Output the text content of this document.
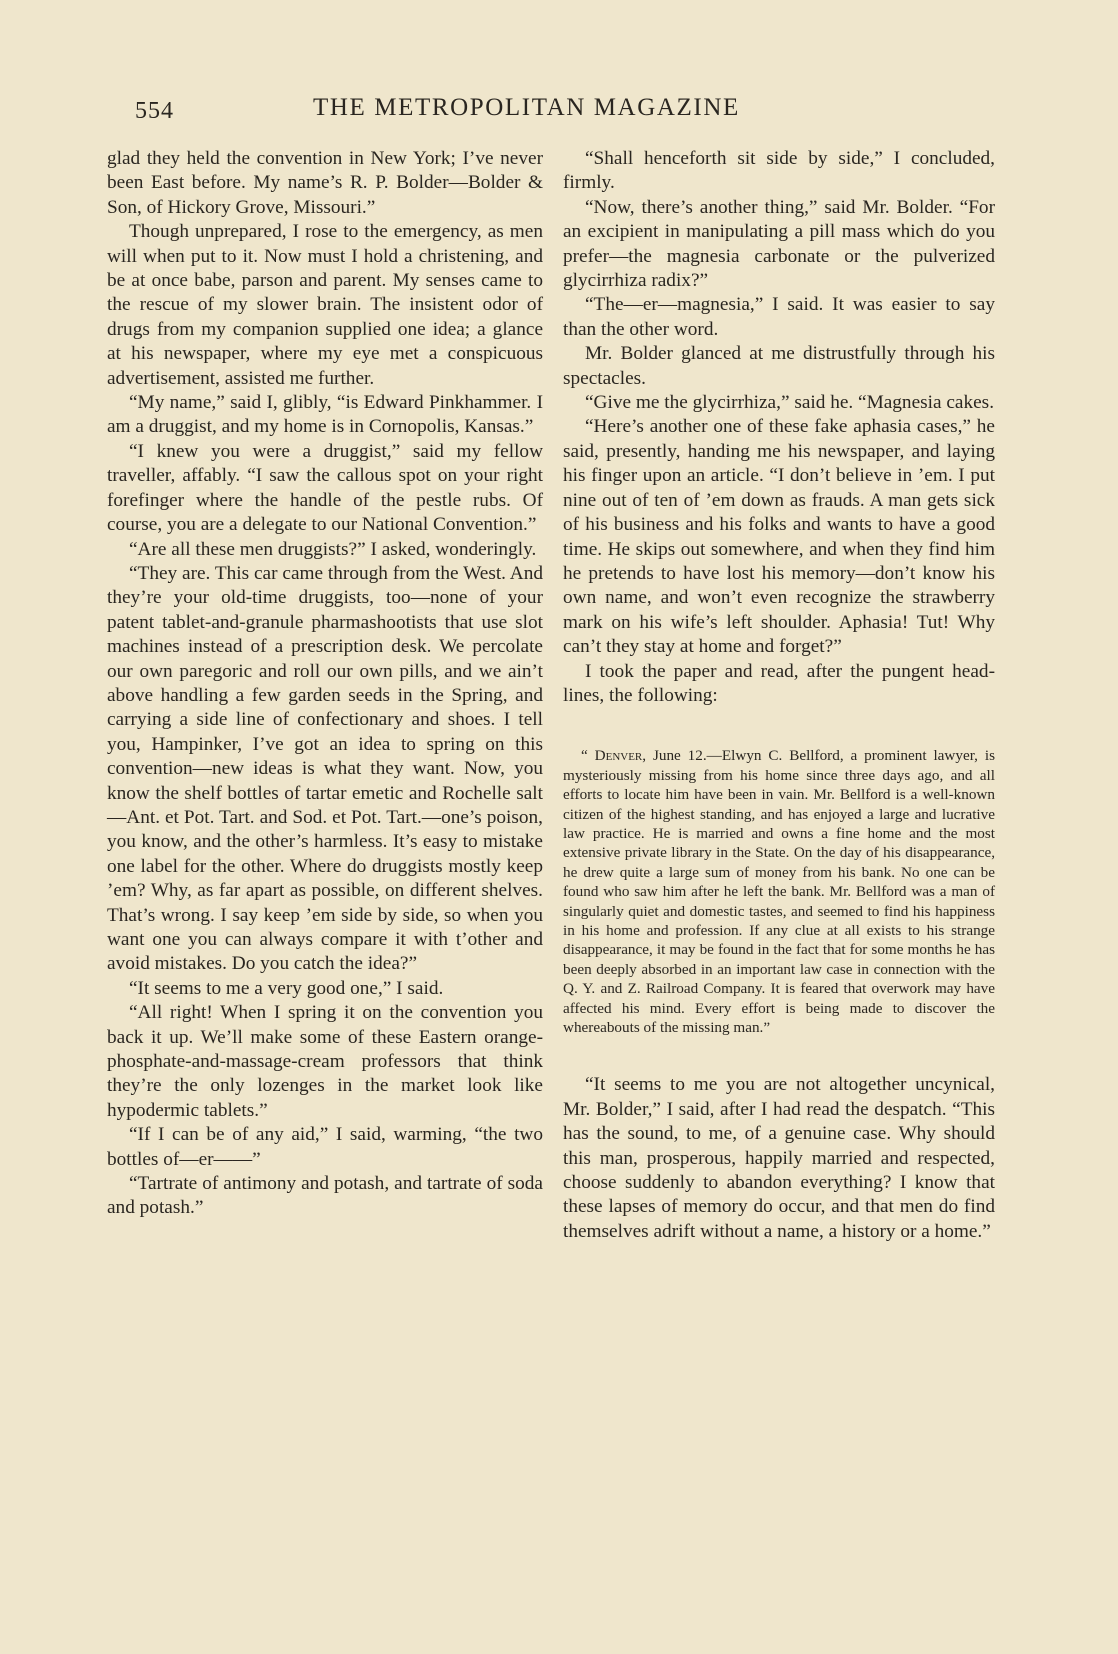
554	THE METROPOLITAN MAGAZINE

glad they held the convention in New York; I’ve never been East before. My name’s R. P. Bolder—Bolder & Son, of Hickory Grove, Missouri.”

Though unprepared, I rose to the emergency, as men will when put to it. Now must I hold a christening, and be at once babe, parson and parent. My senses came to the rescue of my slower brain. The insistent odor of drugs from my companion supplied one idea; a glance at his newspaper, where my eye met a conspicuous advertisement, assisted me further.

“My name,” said I, glibly, “is Edward Pinkhammer. I am a druggist, and my home is in Cornopolis, Kansas.”

“I knew you were a druggist,” said my fellow traveller, affably. “I saw the callous spot on your right forefinger where the handle of the pestle rubs. Of course, you are a delegate to our National Convention.”

“Are all these men druggists?” I asked, wonderingly.

“They are. This car came through from the West. And they’re your old-time druggists, too—none of your patent tablet-and-granule pharmashootists that use slot machines instead of a prescription desk. We percolate our own paregoric and roll our own pills, and we ain’t above handling a few garden seeds in the Spring, and carrying a side line of confectionary and shoes. I tell you, Hampinker, I’ve got an idea to spring on this convention—new ideas is what they want. Now, you know the shelf bottles of tartar emetic and Rochelle salt—Ant. et Pot. Tart. and Sod. et Pot. Tart.—one’s poison, you know, and the other’s harmless. It’s easy to mistake one label for the other. Where do druggists mostly keep ’em? Why, as far apart as possible, on different shelves. That’s wrong. I say keep ’em side by side, so when you want one you can always compare it with t’other and avoid mistakes. Do you catch the idea?”

“It seems to me a very good one,” I said.

“All right! When I spring it on the convention you back it up. We’ll make some of these Eastern orange-phosphate-and-massage-cream professors that think they’re the only lozenges in the market look like hypodermic tablets.”

“If I can be of any aid,” I said, warming, “the two bottles of—er——”

“Tartrate of antimony and potash, and tartrate of soda and potash.”

“Shall henceforth sit side by side,” I concluded, firmly.

“Now, there’s another thing,” said Mr. Bolder. “For an excipient in manipulating a pill mass which do you prefer—the magnesia carbonate or the pulverized glycirrhiza radix?”

“The—er—magnesia,” I said. It was easier to say than the other word.

Mr. Bolder glanced at me distrustfully through his spectacles.

“Give me the glycirrhiza,” said he. “Magnesia cakes.

“Here’s another one of these fake aphasia cases,” he said, presently, handing me his newspaper, and laying his finger upon an article. “I don’t believe in ’em. I put nine out of ten of ’em down as frauds. A man gets sick of his business and his folks and wants to have a good time. He skips out somewhere, and when they find him he pretends to have lost his memory—don’t know his own name, and won’t even recognize the strawberry mark on his wife’s left shoulder. Aphasia! Tut! Why can’t they stay at home and forget?”

I took the paper and read, after the pungent head-lines, the following:

“ Denver, June 12.—Elwyn C. Bellford, a prominent lawyer, is mysteriously missing from his home since three days ago, and all efforts to locate him have been in vain. Mr. Bellford is a well-known citizen of the highest standing, and has enjoyed a large and lucrative law practice. He is married and owns a fine home and the most extensive private library in the State. On the day of his disappearance, he drew quite a large sum of money from his bank. No one can be found who saw him after he left the bank. Mr. Bellford was a man of singularly quiet and domestic tastes, and seemed to find his happiness in his home and profession. If any clue at all exists to his strange disappearance, it may be found in the fact that for some months he has been deeply absorbed in an important law case in connection with the Q. Y. and Z. Railroad Company. It is feared that overwork may have affected his mind. Every effort is being made to discover the whereabouts of the missing man.”

“It seems to me you are not altogether uncynical, Mr. Bolder,” I said, after I had read the despatch. “This has the sound, to me, of a genuine case. Why should this man, prosperous, happily married and respected, choose suddenly to abandon everything? I know that these lapses of memory do occur, and that men do find themselves adrift without a name, a history or a home.”
